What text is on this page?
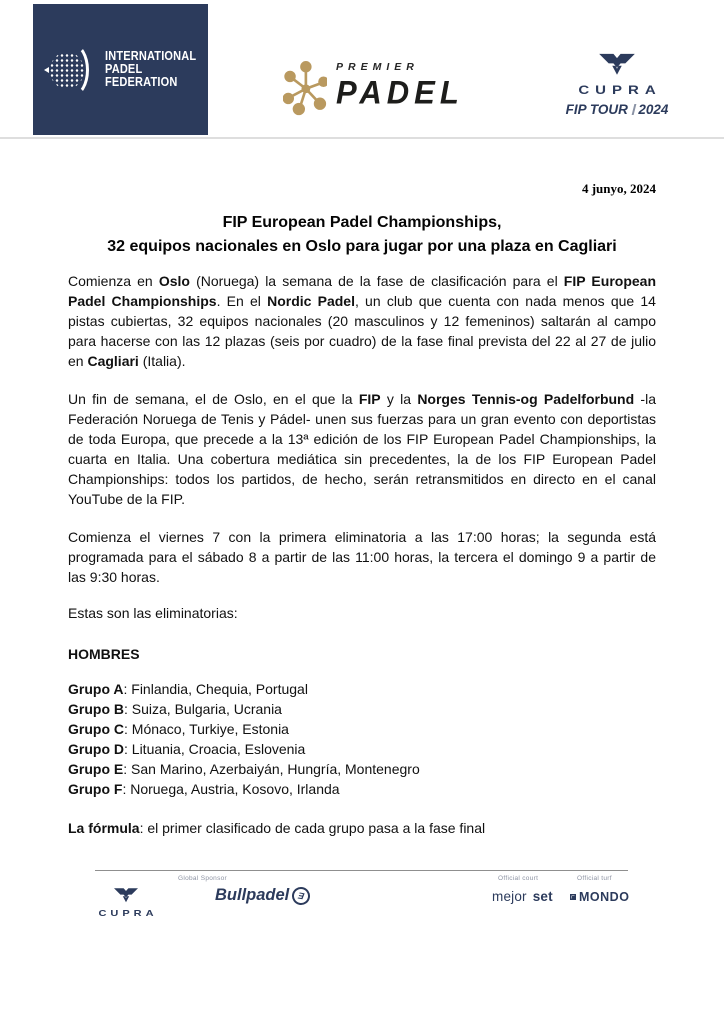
INTERNATIONAL
PADEL
FEDERATION
PREMIER
PADEL	CUPRA
FIP TOUR 2024
4 junyo, 2024
FIP European Padel Championships,
32 equipos nacionales en Oslo para jugar por una plaza en Cagliari

Comienza en Oslo (Noruega) la semana de la fase de clasificación para el FIP European Padel Championships. En el Nordic Padel, un club que cuenta con nada menos que 14 pistas cubiertas, 32 equipos nacionales (20 masculinos y 12 femeninos) saltarán al campo para hacerse con las 12 plazas (seis por cuadro) de la fase final prevista del 22 al 27 de julio en Cagliari (Italia).

Un fin de semana, el de Oslo, en el que la FIP y la Norges Tennis-og Padelforbund -la Federación Noruega de Tenis y Pádel- unen sus fuerzas para un gran evento con deportistas de toda Europa, que precede a la 13ª edición de los FIP European Padel Championships, la cuarta en Italia. Una cobertura mediática sin precedentes, la de los FIP European Padel Championships: todos los partidos, de hecho, serán retransmitidos en directo en el canal YouTube de la FIP.

Comienza el viernes 7 con la primera eliminatoria a las 17:00 horas; la segunda está programada para el sábado 8 a partir de las 11:00 horas, la tercera el domingo 9 a partir de las 9:30 horas.

Estas son las eliminatorias:

HOMBRES
Grupo A: Finlandia, Chequia, Portugal
Grupo B: Suiza, Bulgaria, Ucrania
Grupo C: Mónaco, Turkiye, Estonia
Grupo D: Lituania, Croacia, Eslovenia
Grupo E: San Marino, Azerbaiyán, Hungría, Montenegro
Grupo F: Noruega, Austria, Kosovo, Irlanda

La fórmula: el primer clasificado de cada grupo pasa a la fase final

CUPRA
Global Sponsor
Bullpadel Ǝ
Official court
mejor set
Official turf
MONDO
